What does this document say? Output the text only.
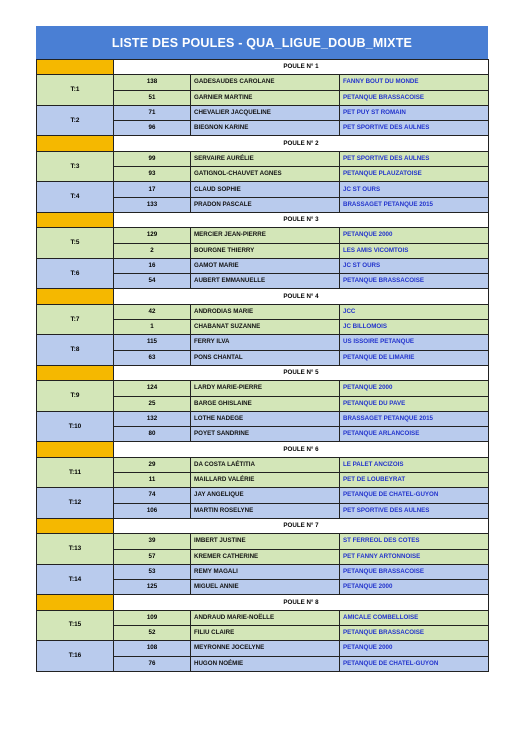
LISTE DES POULES - QUA_LIGUE_DOUB_MIXTE
	POULE N° 1		
T:1	138	GADESAUDES CAROLANE	FANNY BOUT DU MONDE
	51	GARNIER MARTINE	PETANQUE BRASSACOISE
T:2	71	CHEVALIER JACQUELINE	PET PUY ST ROMAIN
	96	BIEGNON KARINE	PET SPORTIVE DES AULNES
	POULE N° 2		
T:3	99	SERVAIRE AURÉLIE	PET SPORTIVE DES AULNES
	93	GATIGNOL-CHAUVET AGNES	PETANQUE PLAUZATOISE
T:4	17	CLAUD SOPHIE	JC ST OURS
	133	PRADON PASCALE	BRASSAGET PETANQUE 2015
	POULE N° 3		
T:5	129	MERCIER JEAN-PIERRE	PETANQUE 2000
	2	BOURGNE THIERRY	LES AMIS VICOMTOIS
T:6	16	GAMOT MARIE	JC ST OURS
	54	AUBERT EMMANUELLE	PETANQUE BRASSACOISE
	POULE N° 4		
T:7	42	ANDRODIAS MARIE	JCC
	1	CHABANAT SUZANNE	JC BILLOMOIS
T:8	115	FERRY ILVA	US ISSOIRE PETANQUE
	63	PONS CHANTAL	PETANQUE DE LIMARIE
	POULE N° 5		
T:9	124	LARDY MARIE-PIERRE	PETANQUE 2000
	25	BARGE GHISLAINE	PETANQUE DU PAVE
T:10	132	LOTHE NADEGE	BRASSAGET PETANQUE 2015
	80	POYET SANDRINE	PETANQUE ARLANCOISE
	POULE N° 6		
T:11	29	DA COSTA LAÉTITIA	LE PALET ANCIZOIS
	11	MAILLARD VALÉRIE	PET DE LOUBEYRAT
T:12	74	JAY ANGELIQUE	PETANQUE DE CHATEL-GUYON
	106	MARTIN ROSELYNE	PET SPORTIVE DES AULNES
	POULE N° 7		
T:13	39	IMBERT JUSTINE	ST FERREOL DES COTES
	57	KREMER CATHERINE	PET FANNY ARTONNOISE
T:14	53	REMY MAGALI	PETANQUE BRASSACOISE
	125	MIGUEL ANNIE	PETANQUE 2000
	POULE N° 8		
T:15	109	ANDRAUD MARIE-NOËLLE	AMICALE COMBELLOISE
	52	FILIU CLAIRE	PETANQUE BRASSACOISE
T:16	108	MEYRONNE JOCELYNE	PETANQUE 2000
	76	HUGON NOÉMIE	PETANQUE DE CHATEL-GUYON
